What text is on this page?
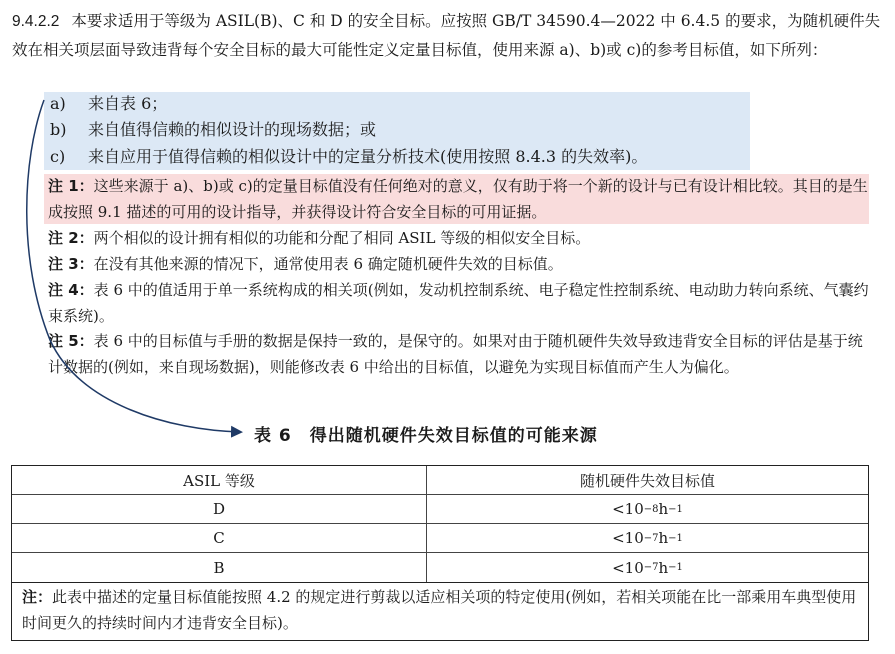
9.4.2.2 本要求适用于等级为 ASIL(B)、C 和 D 的安全目标。应按照 GB/T 34590.4—2022 中 6.4.5 的要求，为随机硬件失效在相关项层面导致违背每个安全目标的最大可能性定义定量目标值，使用来源 a)、b)或 c)的参考目标值，如下所列：
a) 来自表 6；
b) 来自值得信赖的相似设计的现场数据；或
c) 来自应用于值得信赖的相似设计中的定量分析技术(使用按照 8.4.3 的失效率)。
注 1：这些来源于 a)、b)或 c)的定量目标值没有任何绝对的意义，仅有助于将一个新的设计与已有设计相比较。其目的是生成按照 9.1 描述的可用的设计指导，并获得设计符合安全目标的可用证据。
注 2：两个相似的设计拥有相似的功能和分配了相同 ASIL 等级的相似安全目标。
注 3：在没有其他来源的情况下，通常使用表 6 确定随机硬件失效的目标值。
注 4：表 6 中的值适用于单一系统构成的相关项(例如，发动机控制系统、电子稳定性控制系统、电动助力转向系统、气囊约束系统)。
注 5：表 6 中的目标值与手册的数据是保持一致的，是保守的。如果对由于随机硬件失效导致违背安全目标的评估是基于统计数据的(例如，来自现场数据)，则能修改表 6 中给出的目标值，以避免为实现目标值而产生人为偏化。
表 6　得出随机硬件失效目标值的可能来源
ASIL 等级	随机硬件失效目标值
D	<10 −8 h −1
C	<10 −7 h −1
B	<10 −7 h −1
注：此表中描述的定量目标值能按照 4.2 的规定进行剪裁以适应相关项的特定使用(例如，若相关项能在比一部乘用车典型使用时间更久的持续时间内才违背安全目标)。
